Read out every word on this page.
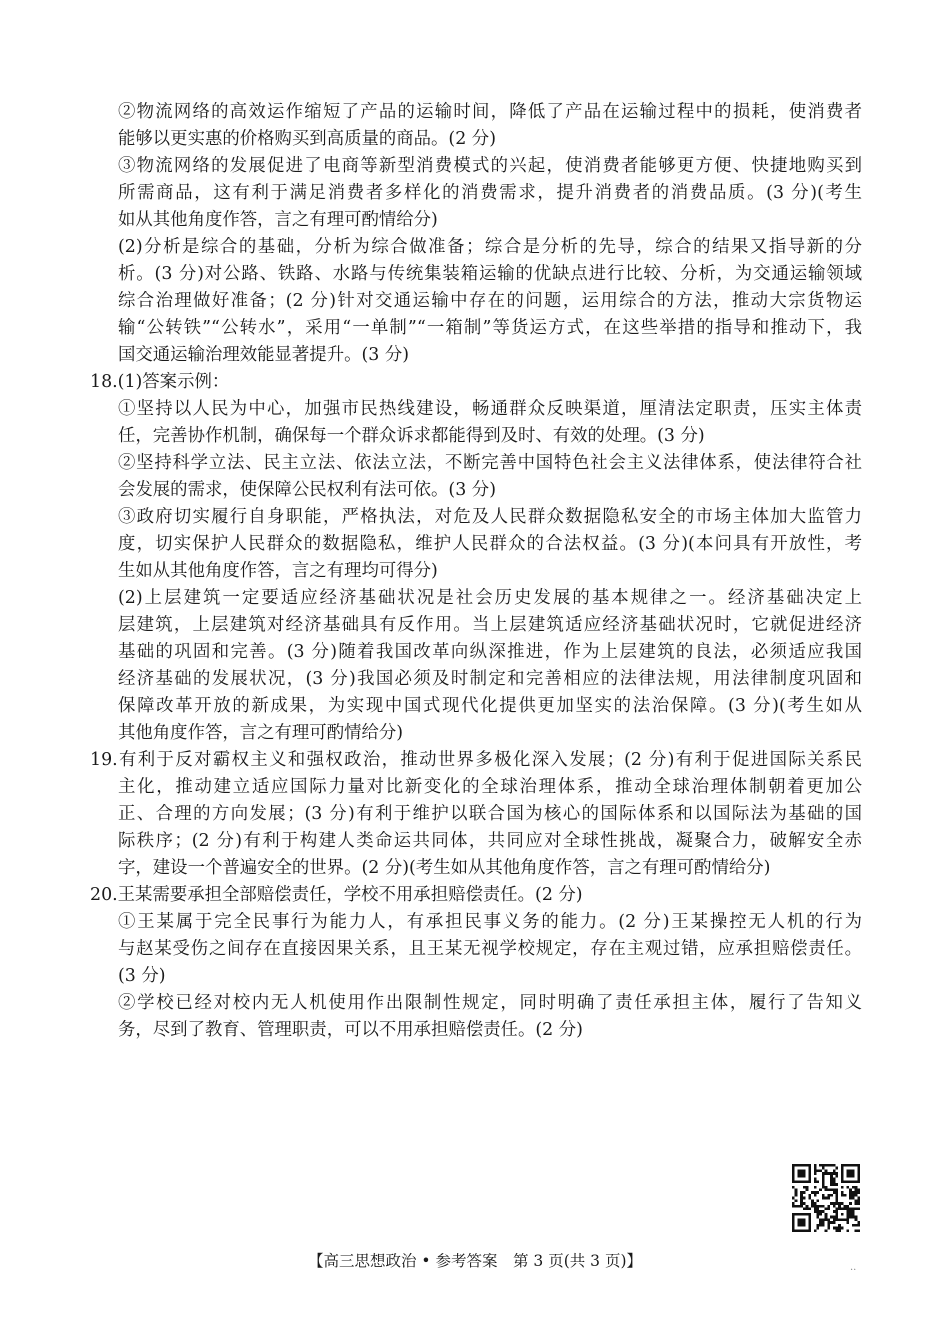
②物流网络的高效运作缩短了产品的运输时间，降低了产品在运输过程中的损耗，使消费者
能够以更实惠的价格购买到高质量的商品。(2 分)
③物流网络的发展促进了电商等新型消费模式的兴起，使消费者能够更方便、快捷地购买到
所需商品，这有利于满足消费者多样化的消费需求，提升消费者的消费品质。(3 分)(考生
如从其他角度作答，言之有理可酌情给分)
(2)分析是综合的基础，分析为综合做准备；综合是分析的先导，综合的结果又指导新的分
析。(3 分)对公路、铁路、水路与传统集装箱运输的优缺点进行比较、分析，为交通运输领域
综合治理做好准备；(2 分)针对交通运输中存在的问题，运用综合的方法，推动大宗货物运
输“公转铁”“公转水”，采用“一单制”“一箱制”等货运方式，在这些举措的指导和推动下，我
国交通运输治理效能显著提升。(3 分)
18.(1)答案示例：
①坚持以人民为中心，加强市民热线建设，畅通群众反映渠道，厘清法定职责，压实主体责
任，完善协作机制，确保每一个群众诉求都能得到及时、有效的处理。(3 分)
②坚持科学立法、民主立法、依法立法，不断完善中国特色社会主义法律体系，使法律符合社
会发展的需求，使保障公民权利有法可依。(3 分)
③政府切实履行自身职能，严格执法，对危及人民群众数据隐私安全的市场主体加大监管力
度，切实保护人民群众的数据隐私，维护人民群众的合法权益。(3 分)(本问具有开放性，考
生如从其他角度作答，言之有理均可得分)
(2)上层建筑一定要适应经济基础状况是社会历史发展的基本规律之一。经济基础决定上
层建筑，上层建筑对经济基础具有反作用。当上层建筑适应经济基础状况时，它就促进经济
基础的巩固和完善。(3 分)随着我国改革向纵深推进，作为上层建筑的良法，必须适应我国
经济基础的发展状况，(3 分)我国必须及时制定和完善相应的法律法规，用法律制度巩固和
保障改革开放的新成果，为实现中国式现代化提供更加坚实的法治保障。(3 分)(考生如从
其他角度作答，言之有理可酌情给分)
19.有利于反对霸权主义和强权政治，推动世界多极化深入发展；(2 分)有利于促进国际关系民
主化，推动建立适应国际力量对比新变化的全球治理体系，推动全球治理体制朝着更加公
正、合理的方向发展；(3 分)有利于维护以联合国为核心的国际体系和以国际法为基础的国
际秩序；(2 分)有利于构建人类命运共同体，共同应对全球性挑战，凝聚合力，破解安全赤
字，建设一个普遍安全的世界。(2 分)(考生如从其他角度作答，言之有理可酌情给分)
20.王某需要承担全部赔偿责任，学校不用承担赔偿责任。(2 分)
①王某属于完全民事行为能力人，有承担民事义务的能力。(2 分)王某操控无人机的行为
与赵某受伤之间存在直接因果关系，且王某无视学校规定，存在主观过错，应承担赔偿责任。
(3 分)
②学校已经对校内无人机使用作出限制性规定，同时明确了责任承担主体，履行了告知义
务，尽到了教育、管理职责，可以不用承担赔偿责任。(2 分)
【高三思想政治 • 参考答案　第 3 页(共 3 页)】	..
